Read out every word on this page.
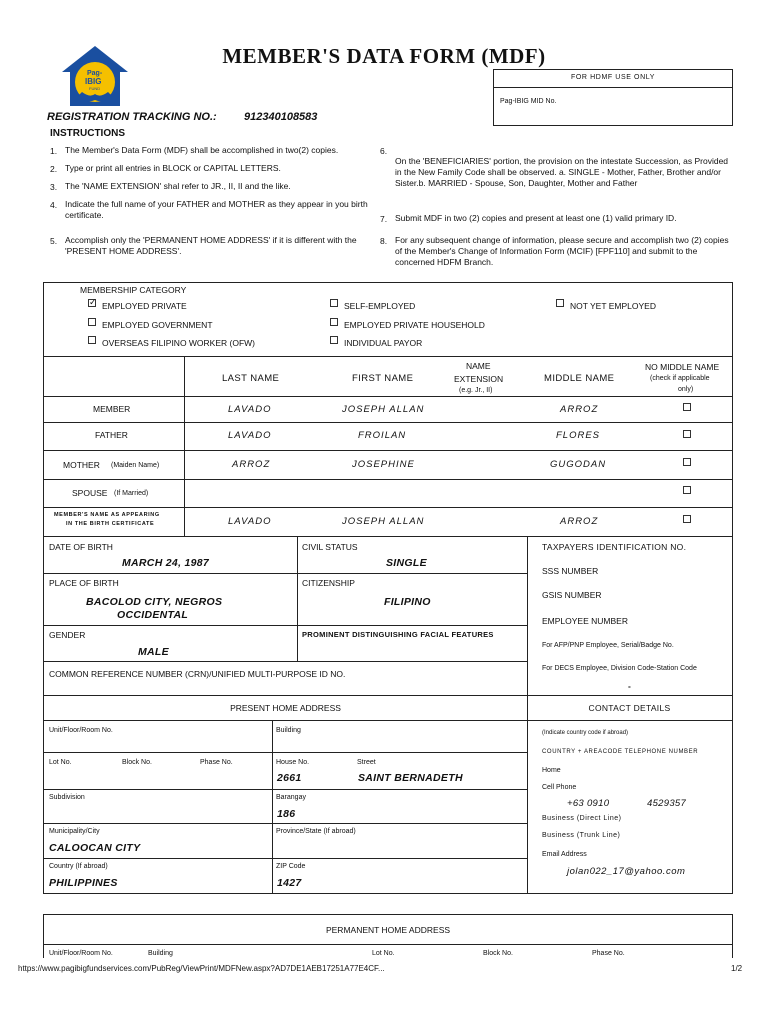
Pag-
IBIG
FUND
MEMBER'S DATA FORM (MDF)
FOR HDMF USE ONLY
Pag-IBIG MID No.
REGISTRATION TRACKING NO.: 912340108583
INSTRUCTIONS
1. The Member's Data Form (MDF) shall be accomplished in two(2) copies.
2. Type or print all entries in BLOCK or CAPITAL LETTERS.
3. The 'NAME EXTENSION' shal refer to JR., II, II and the like.
4. Indicate the full name of your FATHER and MOTHER as they appear in you birth certificate.
5. Accomplish only the 'PERMANENT HOME ADDRESS' if it is different with the 'PRESENT HOME ADDRESS'.
6.
On the 'BENEFICIARIES' portion, the provision on the intestate Succession, as Provided in the New Family Code shall be observed. a. SINGLE - Mother, Father, Brother and/or Sister.b. MARRIED - Spouse, Son, Daughter, Mother and Father
7. Submit MDF in two (2) copies and present at least one (1) valid primary ID.
8. For any subsequent change of information, please secure and accomplish two (2) copies of the Member's Change of Information Form (MCIF) [FPF110] and submit to the concerned HDFM Branch.
MEMBERSHIP CATEGORY
✓
EMPLOYED PRIVATE
EMPLOYED GOVERNMENT
OVERSEAS FILIPINO WORKER (OFW)
SELF-EMPLOYED
EMPLOYED PRIVATE HOUSEHOLD
INDIVIDUAL PAYOR
NOT YET EMPLOYED
LAST NAME	FIRST NAME
NAME
EXTENSION
(e.g. Jr., II)
MIDDLE NAME
NO MIDDLE NAME
(check if applicable
only)
MEMBER	LAVADO	JOSEPH ALLAN	ARROZ
FATHER	LAVADO	FROILAN	FLORES
MOTHER (Maiden Name)	ARROZ	JOSEPHINE	GUGODAN
SPOUSE (If Married)
MEMBER'S NAME AS APPEARING
IN THE BIRTH CERTIFICATE	LAVADO	JOSEPH ALLAN	ARROZ
DATE OF BIRTH
MARCH 24, 1987
CIVIL STATUS
SINGLE
PLACE OF BIRTH
BACOLOD CITY, NEGROS
OCCIDENTAL
CITIZENSHIP
FILIPINO
GENDER
MALE
PROMINENT DISTINGUISHING FACIAL FEATURES
COMMON REFERENCE NUMBER (CRN)/UNIFIED MULTI-PURPOSE ID NO.
TAXPAYERS IDENTIFICATION NO.
SSS NUMBER
GSIS NUMBER
EMPLOYEE NUMBER
For AFP/PNP Employee, Serial/Badge No.
For DECS Employee, Division Code-Station Code
-
PRESENT HOME ADDRESS	CONTACT DETAILS
Unit/Floor/Room No.	Building
Lot No.	Block No.	Phase No.	House No.
2661
Street
SAINT BERNADETH
Subdivision	Barangay
186
Municipality/City
CALOOCAN CITY
Province/State (If abroad)
Country (If abroad)
PHILIPPINES
ZIP Code
1427
(Indicate country code if abroad)
COUNTRY + AREACODE TELEPHONE NUMBER
Home
Cell Phone
+63 0910	4529357
Business (Direct Line)
Business (Trunk Line)
Email Address
jolan022_17@yahoo.com
PERMANENT HOME ADDRESS
Unit/Floor/Room No.	Building	Lot No.	Block No.	Phase No.
https://www.pagibigfundservices.com/PubReg/ViewPrint/MDFNew.aspx?AD7DE1AEB17251A77E4CF...	1/2
